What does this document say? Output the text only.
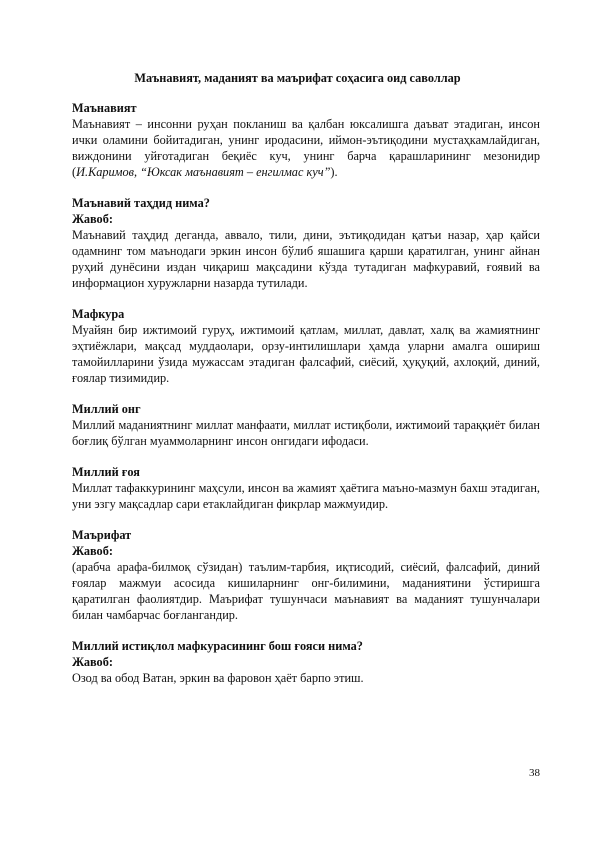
Маънавият, маданият ва маърифат соҳасига оид саволлар

Маънавият

Маънавият – инсонни руҳан покланиш ва қалбан юксалишга даъват этадиган, инсон ички оламини бойитадиган, унинг иродасини, иймон-эътиқодини мустаҳкамлайдиган, виждонини уйғотадиган беқиёс куч, унинг барча қарашларининг мезонидир (И.Каримов, “Юксак маънавият – енгилмас куч”).

Маънавий таҳдид нима?

Жавоб:

Маънавий таҳдид деганда, аввало, тили, дини, эътиқодидан қатъи назар, ҳар қайси одамнинг том маънодаги эркин инсон бўлиб яшашига қарши қаратилган, унинг айнан руҳий дунёсини издан чиқариш мақсадини кўзда тутадиган мафкуравий, ғоявий ва информацион хуружларни назарда тутилади.

Мафкура

Муайян бир ижтимоий гуруҳ, ижтимоий қатлам, миллат, давлат, халқ ва жамиятнинг эҳтиёжлари, мақсад муддаолари, орзу-интилишлари ҳамда уларни амалга ошириш тамойилларини ўзида мужассам этадиган фалсафий, сиёсий, ҳуқуқий, ахлоқий, диний, ғоялар тизимидир.

Миллий онг

Миллий маданиятнинг миллат манфаати, миллат истиқболи, ижтимоий тараққиёт билан боғлиқ бўлган муаммоларнинг инсон онгидаги ифодаси.

Миллий ғоя

Миллат тафаккурининг маҳсули, инсон ва жамият ҳаётига маъно-мазмун бахш этадиган, уни эзгу мақсадлар сари етаклайдиган фикрлар мажмуидир.

Маърифат

Жавоб:

(арабча арафа-билмоқ сўзидан) таълим-тарбия, иқтисодий, сиёсий, фалсафий, диний ғоялар мажмуи асосида кишиларнинг онг-билимини, маданиятини ўстиришга қаратилган фаолиятдир. Маърифат тушунчаси маънавият ва маданият тушунчалари билан чамбарчас боғлангандир.

Миллий истиқлол мафкурасининг бош ғояси нима?

Жавоб:

Озод ва обод Ватан, эркин ва фаровон ҳаёт барпо этиш.

38
